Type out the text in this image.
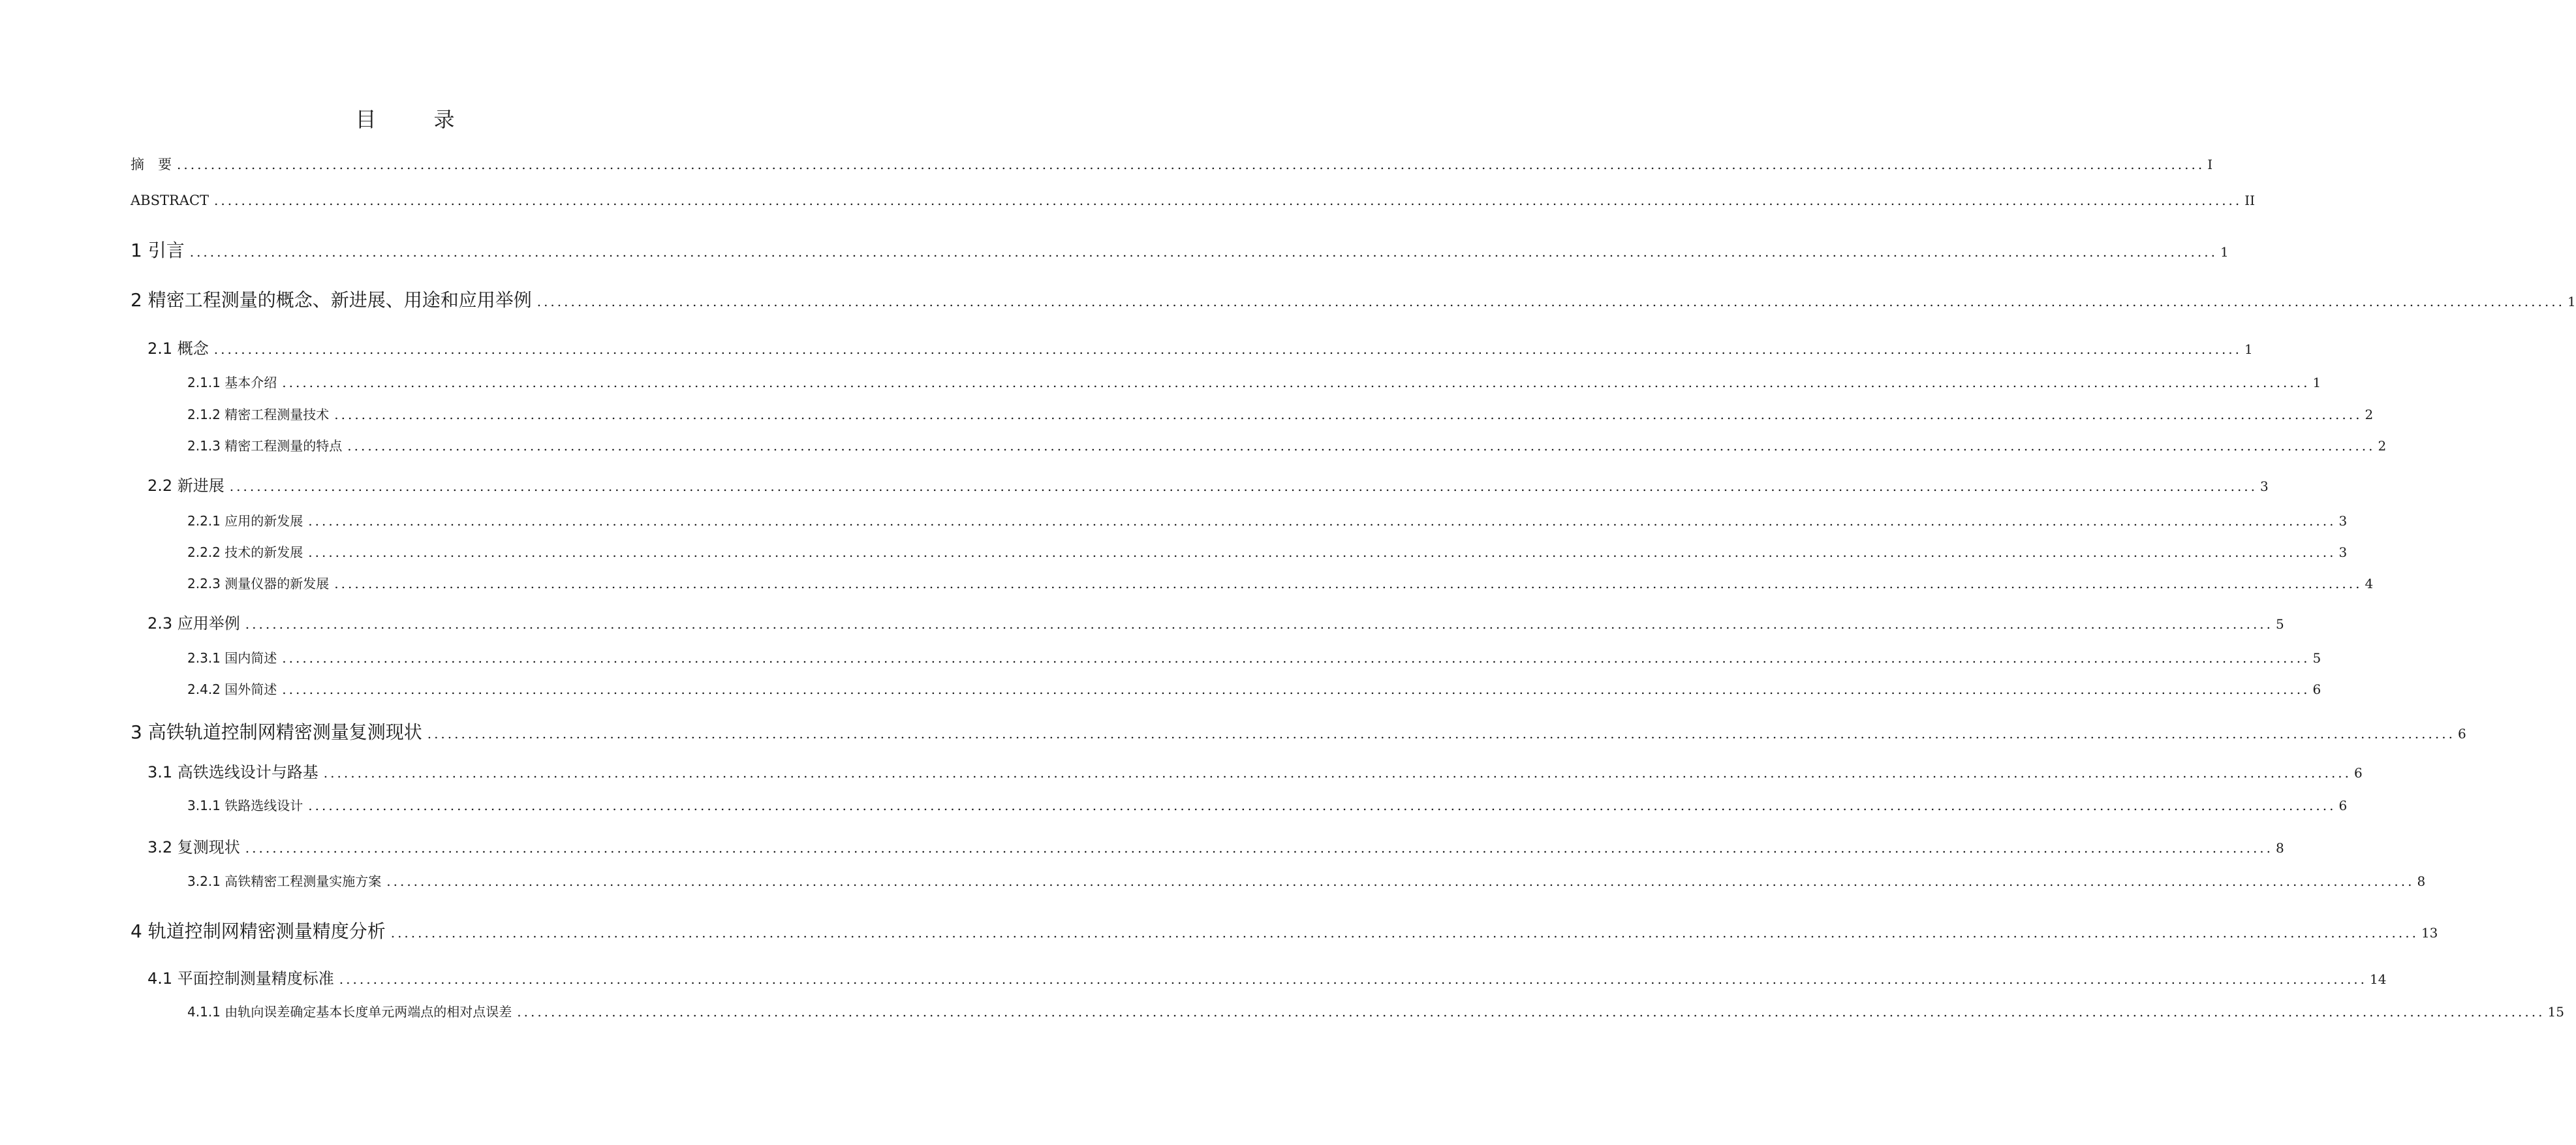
目　录
摘　要 ............................................................................................................................................................................................................................................................................................................ I
ABSTRACT ............................................................................................................................................................................................................................................................................................................ II
1 引言 ............................................................................................................................................................................................................................................................................................................ 1
2 精密工程测量的概念、新进展、用途和应用举例 ............................................................................................................................................................................................................................................................................................................ 1
2.1 概念 ............................................................................................................................................................................................................................................................................................................ 1
2.1.1 基本介绍 ............................................................................................................................................................................................................................................................................................................ 1
2.1.2 精密工程测量技术 ............................................................................................................................................................................................................................................................................................................ 2
2.1.3 精密工程测量的特点 ............................................................................................................................................................................................................................................................................................................ 2
2.2 新进展 ............................................................................................................................................................................................................................................................................................................ 3
2.2.1 应用的新发展 ............................................................................................................................................................................................................................................................................................................ 3
2.2.2 技术的新发展 ............................................................................................................................................................................................................................................................................................................ 3
2.2.3 测量仪器的新发展 ............................................................................................................................................................................................................................................................................................................ 4
2.3 应用举例 ............................................................................................................................................................................................................................................................................................................ 5
2.3.1 国内简述 ............................................................................................................................................................................................................................................................................................................ 5
2.4.2 国外简述 ............................................................................................................................................................................................................................................................................................................ 6
3 高铁轨道控制网精密测量复测现状 ............................................................................................................................................................................................................................................................................................................ 6
3.1 高铁选线设计与路基 ............................................................................................................................................................................................................................................................................................................ 6
3.1.1 铁路选线设计 ............................................................................................................................................................................................................................................................................................................ 6
3.2 复测现状 ............................................................................................................................................................................................................................................................................................................ 8
3.2.1 高铁精密工程测量实施方案 ............................................................................................................................................................................................................................................................................................................ 8
4 轨道控制网精密测量精度分析 ............................................................................................................................................................................................................................................................................................................ 13
4.1 平面控制测量精度标准 ............................................................................................................................................................................................................................................................................................................ 14
4.1.1 由轨向误差确定基本长度单元两端点的相对点误差 ............................................................................................................................................................................................................................................................................................................ 15
